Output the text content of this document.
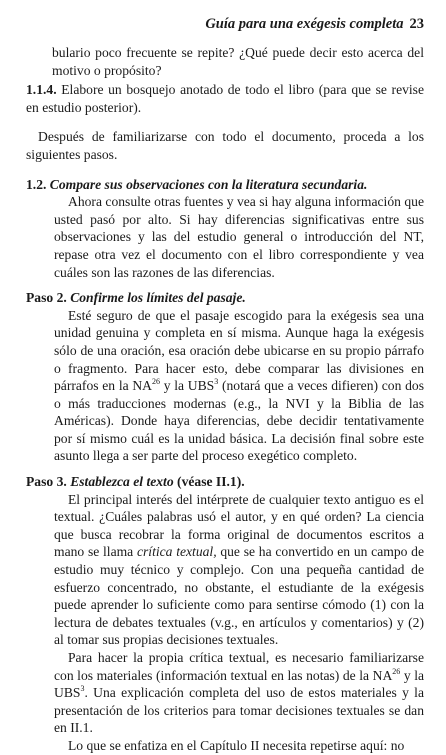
Guía para una exégesis completa 23

bulario poco frecuente se repite? ¿Qué puede decir esto acerca del motivo o propósito?

1.1.4. Elabore un bosquejo anotado de todo el libro (para que se revise en estudio posterior).

Después de familiarizarse con todo el documento, proceda a los siguientes pasos.

1.2. Compare sus observaciones con la literatura secundaria.

Ahora consulte otras fuentes y vea si hay alguna información que usted pasó por alto. Si hay diferencias significativas entre sus observaciones y las del estudio general o introducción del NT, repase otra vez el documento con el libro correspondiente y vea cuáles son las razones de las diferencias.

Paso 2. Confirme los límites del pasaje.

Esté seguro de que el pasaje escogido para la exégesis sea una unidad genuina y completa en sí misma. Aunque haga la exégesis sólo de una oración, esa oración debe ubicarse en su propio párrafo o fragmento. Para hacer esto, debe comparar las divisiones en párrafos en la NA$^{26}$ y la UBS$^3$ (notará que a veces difieren) con dos o más traducciones modernas (e.g., la NVI y la Biblia de las Américas). Donde haya diferencias, debe decidir tentativamente por sí mismo cuál es la unidad básica. La decisión final sobre este asunto llega a ser parte del proceso exegético completo.

Paso 3. Establezca el texto (véase II.1).

El principal interés del intérprete de cualquier texto antiguo es el textual. ¿Cuáles palabras usó el autor, y en qué orden? La ciencia que busca recobrar la forma original de documentos escritos a mano se llama crítica textual, que se ha convertido en un campo de estudio muy técnico y complejo. Con una pequeña cantidad de esfuerzo concentrado, no obstante, el estudiante de la exégesis puede aprender lo suficiente como para sentirse cómodo (1) con la lectura de debates textuales (v.g., en artículos y comentarios) y (2) al tomar sus propias decisiones textuales.

Para hacer la propia crítica textual, es necesario familiarizarse con los materiales (información textual en las notas) de la NA$^{26}$ y la UBS$^3$. Una explicación completa del uso de estos materiales y la presentación de los criterios para tomar decisiones textuales se dan en II.1.

Lo que se enfatiza en el Capítulo II necesita repetirse aquí: no
